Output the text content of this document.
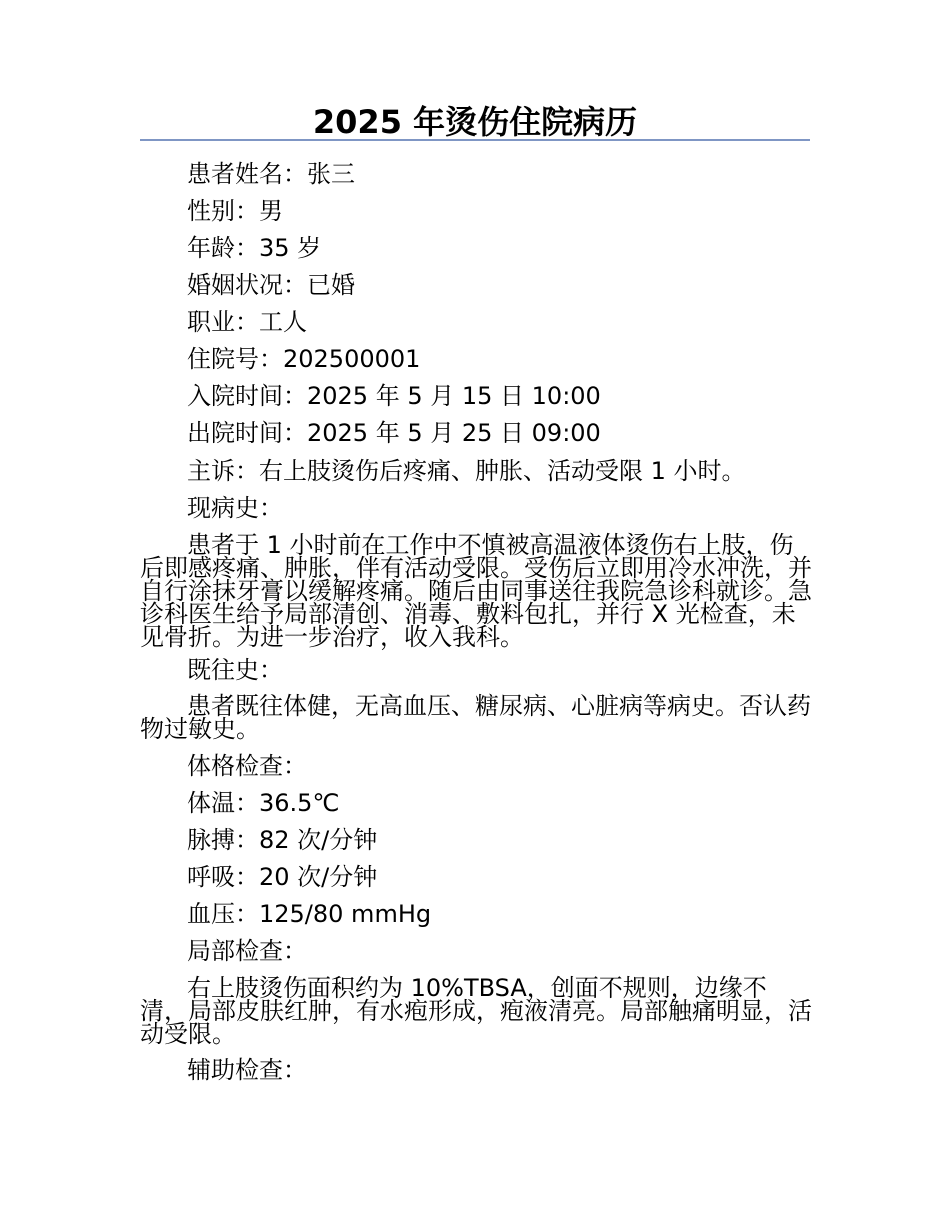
2025 年烫伤住院病历
患者姓名：张三
性别：男
年龄：35 岁
婚姻状况：已婚
职业：工人
住院号：202500001
入院时间：2025 年 5 月 15 日 10:00
出院时间：2025 年 5 月 25 日 09:00
主诉：右上肢烫伤后疼痛、肿胀、活动受限 1 小时。
现病史：
患者于 1 小时前在工作中不慎被高温液体烫伤右上肢，伤后即感疼痛、肿胀，伴有活动受限。受伤后立即用冷水冲洗，并自行涂抹牙膏以缓解疼痛。随后由同事送往我院急诊科就诊。急诊科医生给予局部清创、消毒、敷料包扎，并行 X 光检查，未见骨折。为进一步治疗，收入我科。
既往史：
患者既往体健，无高血压、糖尿病、心脏病等病史。否认药物过敏史。
体格检查：
体温：36.5℃
脉搏：82 次/分钟
呼吸：20 次/分钟
血压：125/80 mmHg
局部检查：
右上肢烫伤面积约为 10%TBSA，创面不规则，边缘不清，局部皮肤红肿，有水疱形成，疱液清亮。局部触痛明显，活动受限。
辅助检查：
